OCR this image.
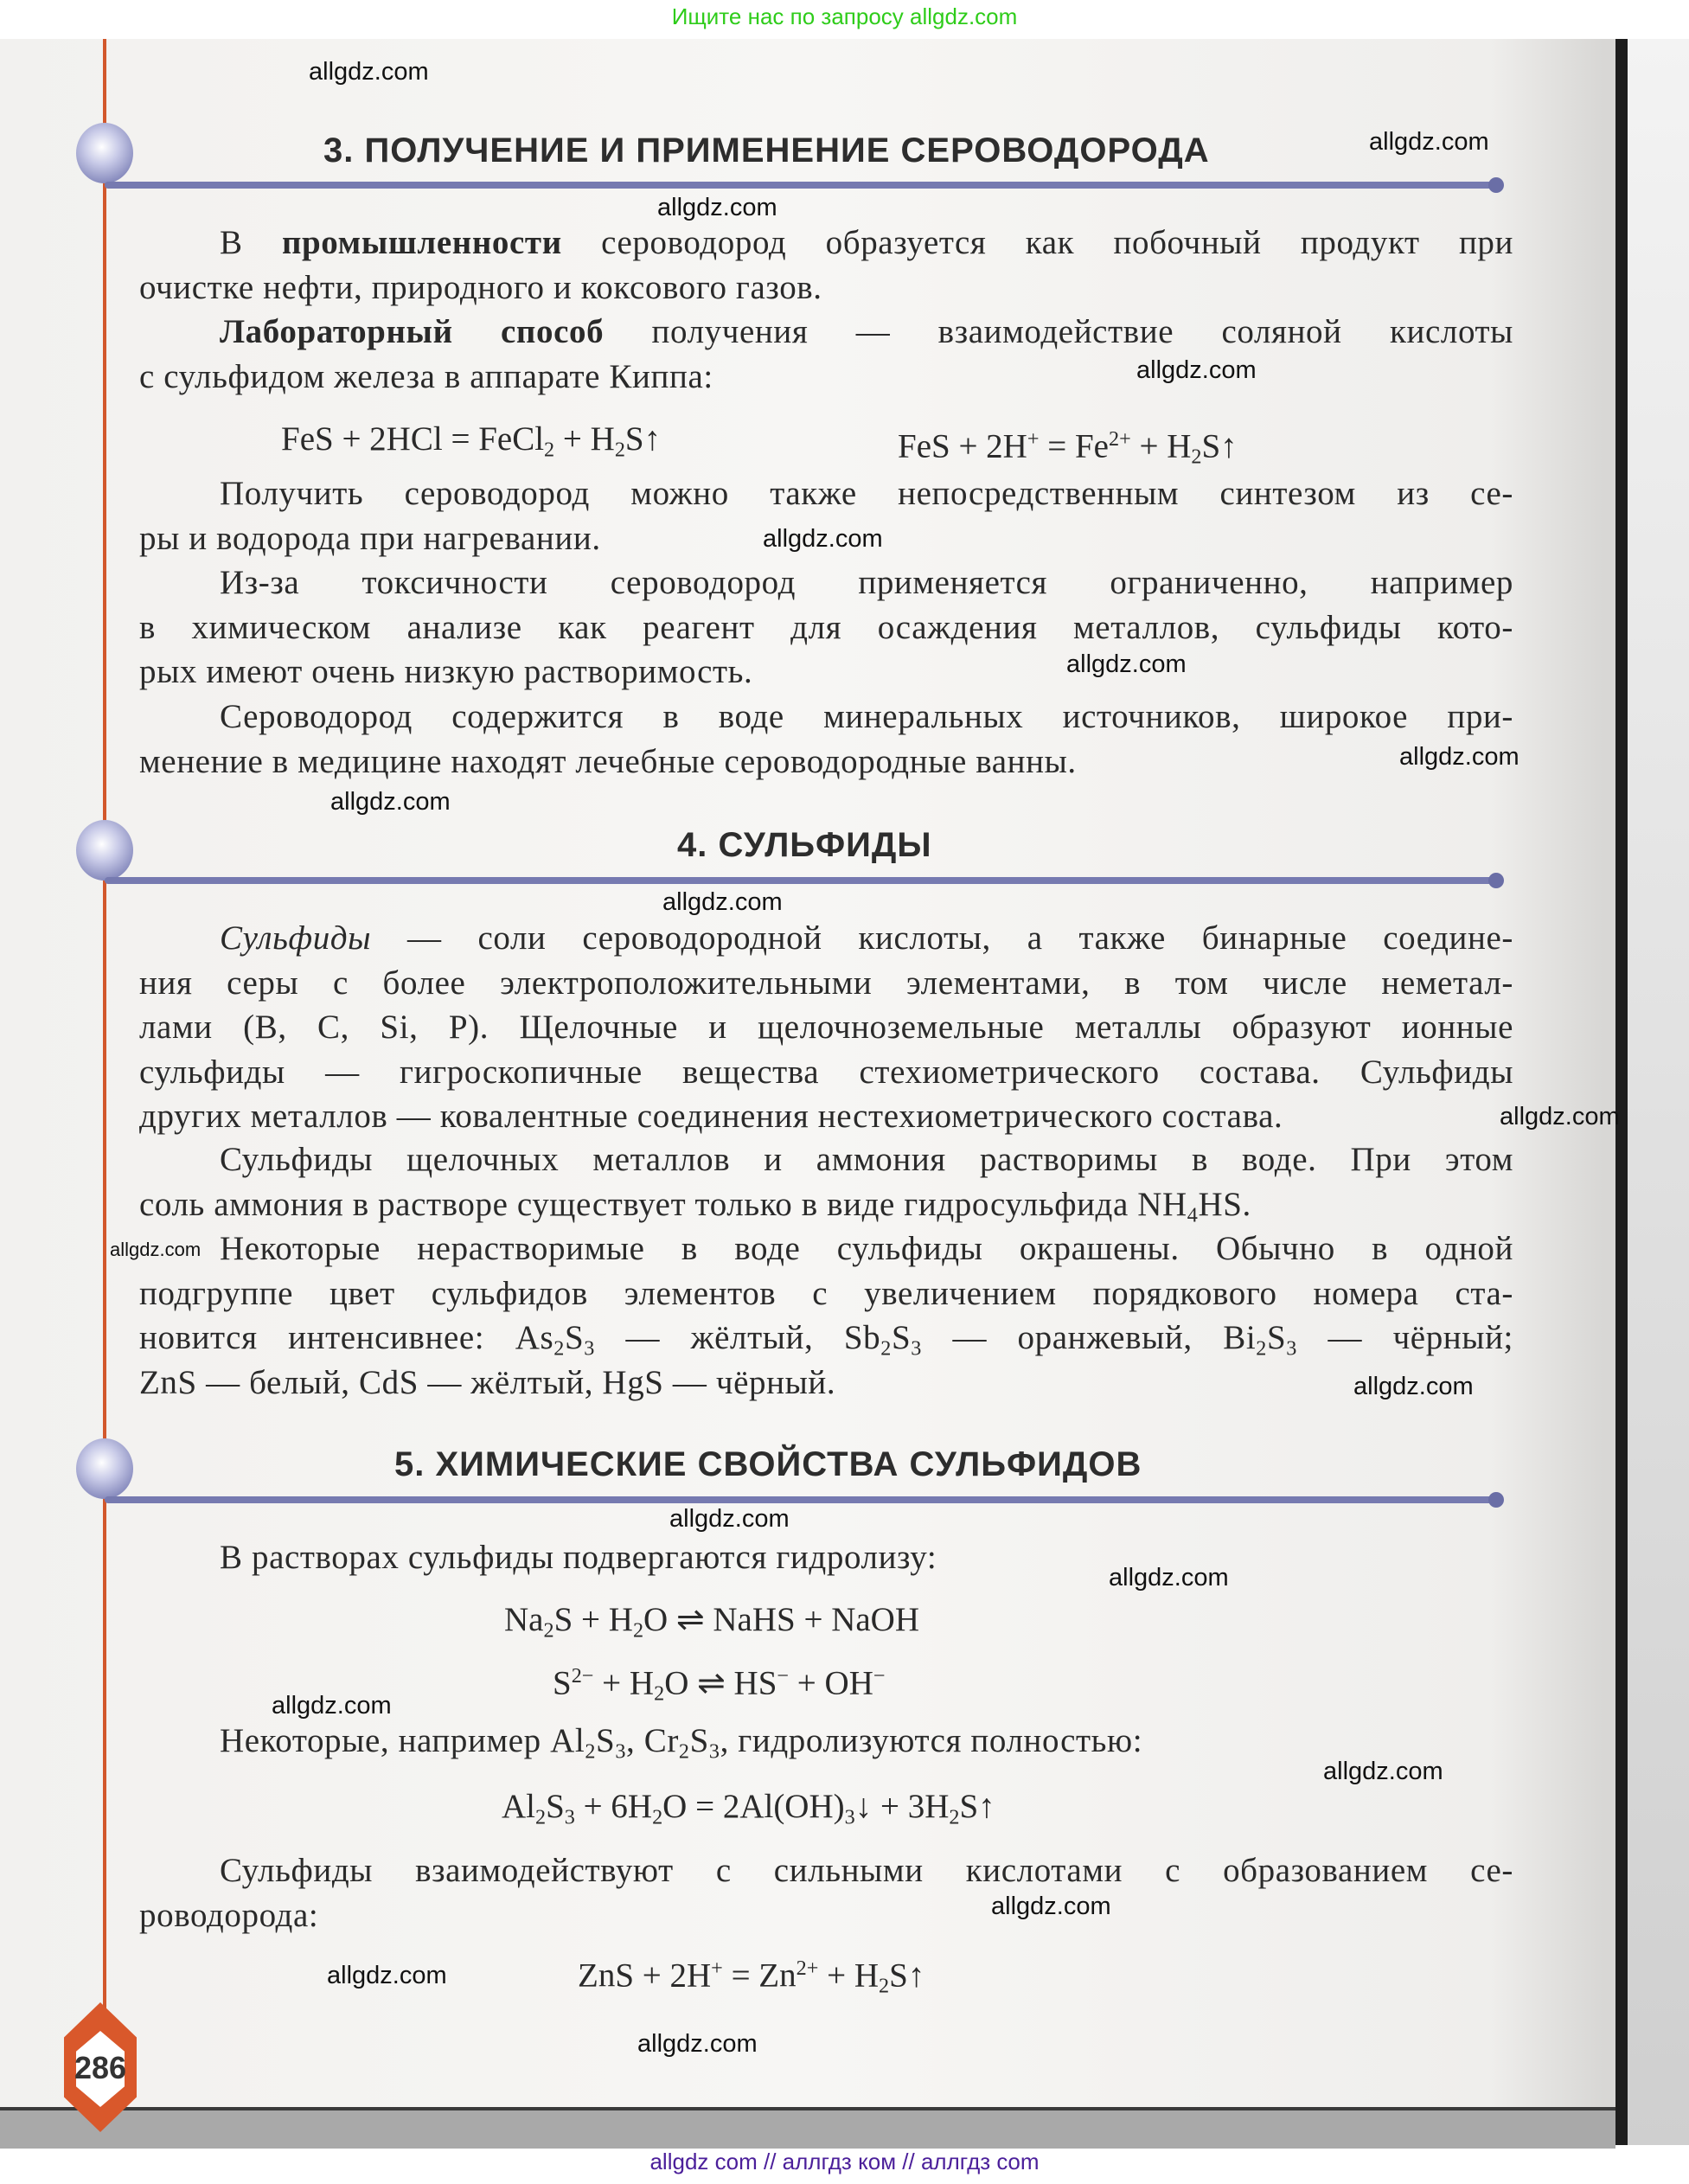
Ищите нас по запросу allgdz.com
3. ПОЛУЧЕНИЕ И ПРИМЕНЕНИЕ СЕРОВОДОРОДА
В промышленности сероводород образуется как побочный продукт при
очистке нефти, природного и коксового газов.
Лабораторный способ получения — взаимодействие соляной кислоты
с сульфидом железа в аппарате Киппа:
FeS + 2HCl = FeCl$_2$ + $H_2S↑$	FeS + $2H^+ = Fe^{2+}$ + $H_2S↑$
Получить сероводород можно также непосредственным синтезом из се-
ры и водорода при нагревании.
Из-за токсичности сероводород применяется ограниченно, например
в химическом анализе как реагент для осаждения металлов, сульфиды кото-
рых имеют очень низкую растворимость.
Сероводород содержится в воде минеральных источников, широкое при-
менение в медицине находят лечебные сероводородные ванны.
4. СУЛЬФИДЫ
Сульфиды — соли сероводородной кислоты, а также бинарные соедине-
ния серы с более электроположительными элементами, в том числе неметал-
лами (B, C, Si, P). Щелочные и щелочноземельные металлы образуют ионные
сульфиды — гигроскопичные вещества стехиометрического состава. Сульфиды
других металлов — ковалентные соединения нестехиометрического состава.
Сульфиды щелочных металлов и аммония растворимы в воде. При этом
соль аммония в растворе существует только в виде гидросульфида $NH_4HS$.
Некоторые нерастворимые в воде сульфиды окрашены. Обычно в одной
подгруппе цвет сульфидов элементов с увеличением порядкового номера ста-
новится интенсивнее: $As_2S_3$ — жёлтый, $Sb_2S_3$ — оранжевый, $Bi_2S_3$ — чёрный;
ZnS — белый, CdS — жёлтый, HgS — чёрный.
5. ХИМИЧЕСКИЕ СВОЙСТВА СУЛЬФИДОВ
В растворах сульфиды подвергаются гидролизу:
$Na_2S + H_2O$ ⇌ NaHS + NaOH
$S^{2-} + H_2O$ ⇌ HS− + OH−
Некоторые, например $Al_2S_3$, $Cr_2S_3$, гидролизуются полностью:
$Al_2S_3 + 6H_2O$ = $2Al(OH)_3↓$ + $3H_2S↑$
Сульфиды взаимодействуют с сильными кислотами с образованием се-
роводорода:
ZnS + $2H^+ = Zn^{2+}$ + $H_2S↑$
allgdz.com
allgdz.com
allgdz.com
allgdz.com
allgdz.com
allgdz.com
allgdz.com
allgdz.com
allgdz.com
allgdz.com
allgdz.com
allgdz.com
allgdz.com
allgdz.com
allgdz.com
allgdz.com
allgdz.com
allgdz.com
allgdz.com
286
allgdz com // аллгдз ком // аллгдз com
